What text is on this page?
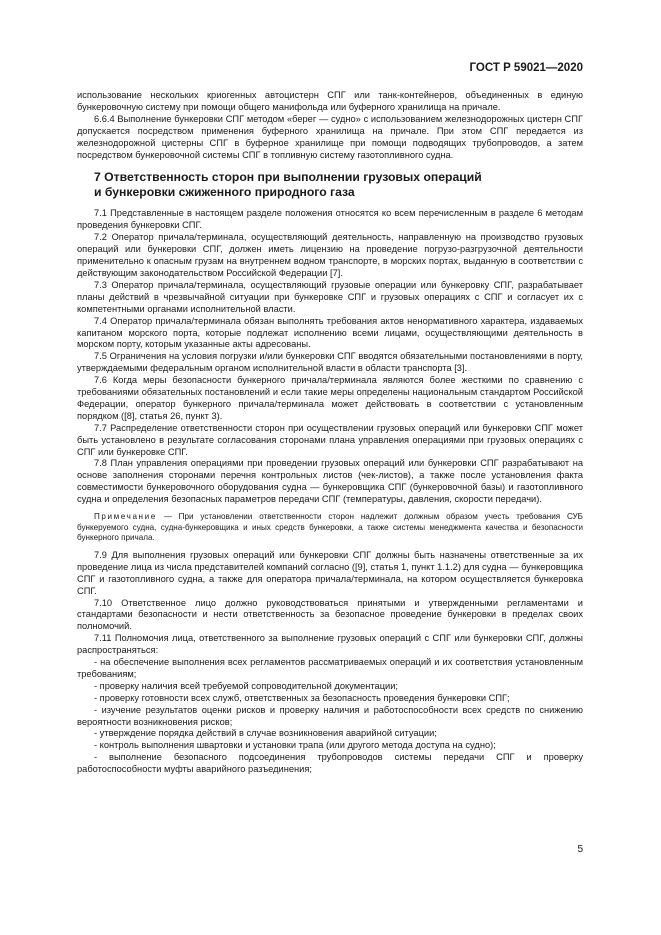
ГОСТ Р 59021—2020

использование нескольких криогенных автоцистерн СПГ или танк-контейнеров, объединенных в единую бункеровочную систему при помощи общего манифольда или буферного хранилища на причале.

6.6.4 Выполнение бункеровки СПГ методом «берег — судно» с использованием железнодорожных цистерн СПГ допускается посредством применения буферного хранилища на причале. При этом СПГ передается из железнодорожной цистерны СПГ в буферное хранилище при помощи подводящих трубопроводов, а затем посредством бункеровочной системы СПГ в топливную систему газотопливного судна.

7 Ответственность сторон при выполнении грузовых операций
и бункеровки сжиженного природного газа

7.1 Представленные в настоящем разделе положения относятся ко всем перечисленным в разделе 6 методам проведения бункеровки СПГ.

7.2 Оператор причала/терминала, осуществляющий деятельность, направленную на производство грузовых операций или бункеровки СПГ, должен иметь лицензию на проведение погрузо-разгрузочной деятельности применительно к опасным грузам на внутреннем водном транспорте, в морских портах, выданную в соответствии с действующим законодательством Российской Федерации [7].

7.3 Оператор причала/терминала, осуществляющий грузовые операции или бункеровку СПГ, разрабатывает планы действий в чрезвычайной ситуации при бункеровке СПГ и грузовых операциях с СПГ и согласует их с компетентными органами исполнительной власти.

7.4 Оператор причала/терминала обязан выполнять требования актов ненормативного характера, издаваемых капитаном морского порта, которые подлежат исполнению всеми лицами, осуществляющими деятельность в морском порту, которым указанные акты адресованы.

7.5 Ограничения на условия погрузки и/или бункеровки СПГ вводятся обязательными постановлениями в порту, утверждаемыми федеральным органом исполнительной власти в области транспорта [3].

7.6 Когда меры безопасности бункерного причала/терминала являются более жесткими по сравнению с требованиями обязательных постановлений и если такие меры определены национальным стандартом Российской Федерации, оператор бункерного причала/терминала может действовать в соответствии с установленным порядком ([8], статья 26, пункт 3).

7.7 Распределение ответственности сторон при осуществлении грузовых операций или бункеровки СПГ может быть установлено в результате согласования сторонами плана управления операциями при грузовых операциях с СПГ или бункеровке СПГ.

7.8 План управления операциями при проведении грузовых операций или бункеровки СПГ разрабатывают на основе заполнения сторонами перечня контрольных листов (чек-листов), а также после установления факта совместимости бункеровочного оборудования судна — бункеровщика СПГ (бункеровочной базы) и газотопливного судна и определения безопасных параметров передачи СПГ (температуры, давления, скорости передачи).

Примечание — При установлении ответственности сторон надлежит должным образом учесть требования СУБ бункеруемого судна, судна-бункеровщика и иных средств бункеровки, а также системы менеджмента качества и безопасности бункерного причала.

7.9 Для выполнения грузовых операций или бункеровки СПГ должны быть назначены ответственные за их проведение лица из числа представителей компаний согласно ([9], статья 1, пункт 1.1.2) для судна — бункеровщика СПГ и газотопливного судна, а также для оператора причала/терминала, на котором осуществляется бункеровка СПГ.

7.10 Ответственное лицо должно руководствоваться принятыми и утвержденными регламентами и стандартами безопасности и нести ответственность за безопасное проведение бункеровки в пределах своих полномочий.

7.11 Полномочия лица, ответственного за выполнение грузовых операций с СПГ или бункеровки СПГ, должны распространяться:

- на обеспечение выполнения всех регламентов рассматриваемых операций и их соответствия установленным требованиям;

- проверку наличия всей требуемой сопроводительной документации;

- проверку готовности всех служб, ответственных за безопасность проведения бункеровки СПГ;

- изучение результатов оценки рисков и проверку наличия и работоспособности всех средств по снижению вероятности возникновения рисков;

- утверждение порядка действий в случае возникновения аварийной ситуации;

- контроль выполнения швартовки и установки трапа (или другого метода доступа на судно);

- выполнение безопасного подсоединения трубопроводов системы передачи СПГ и проверку работоспособности муфты аварийного разъединения;

5
